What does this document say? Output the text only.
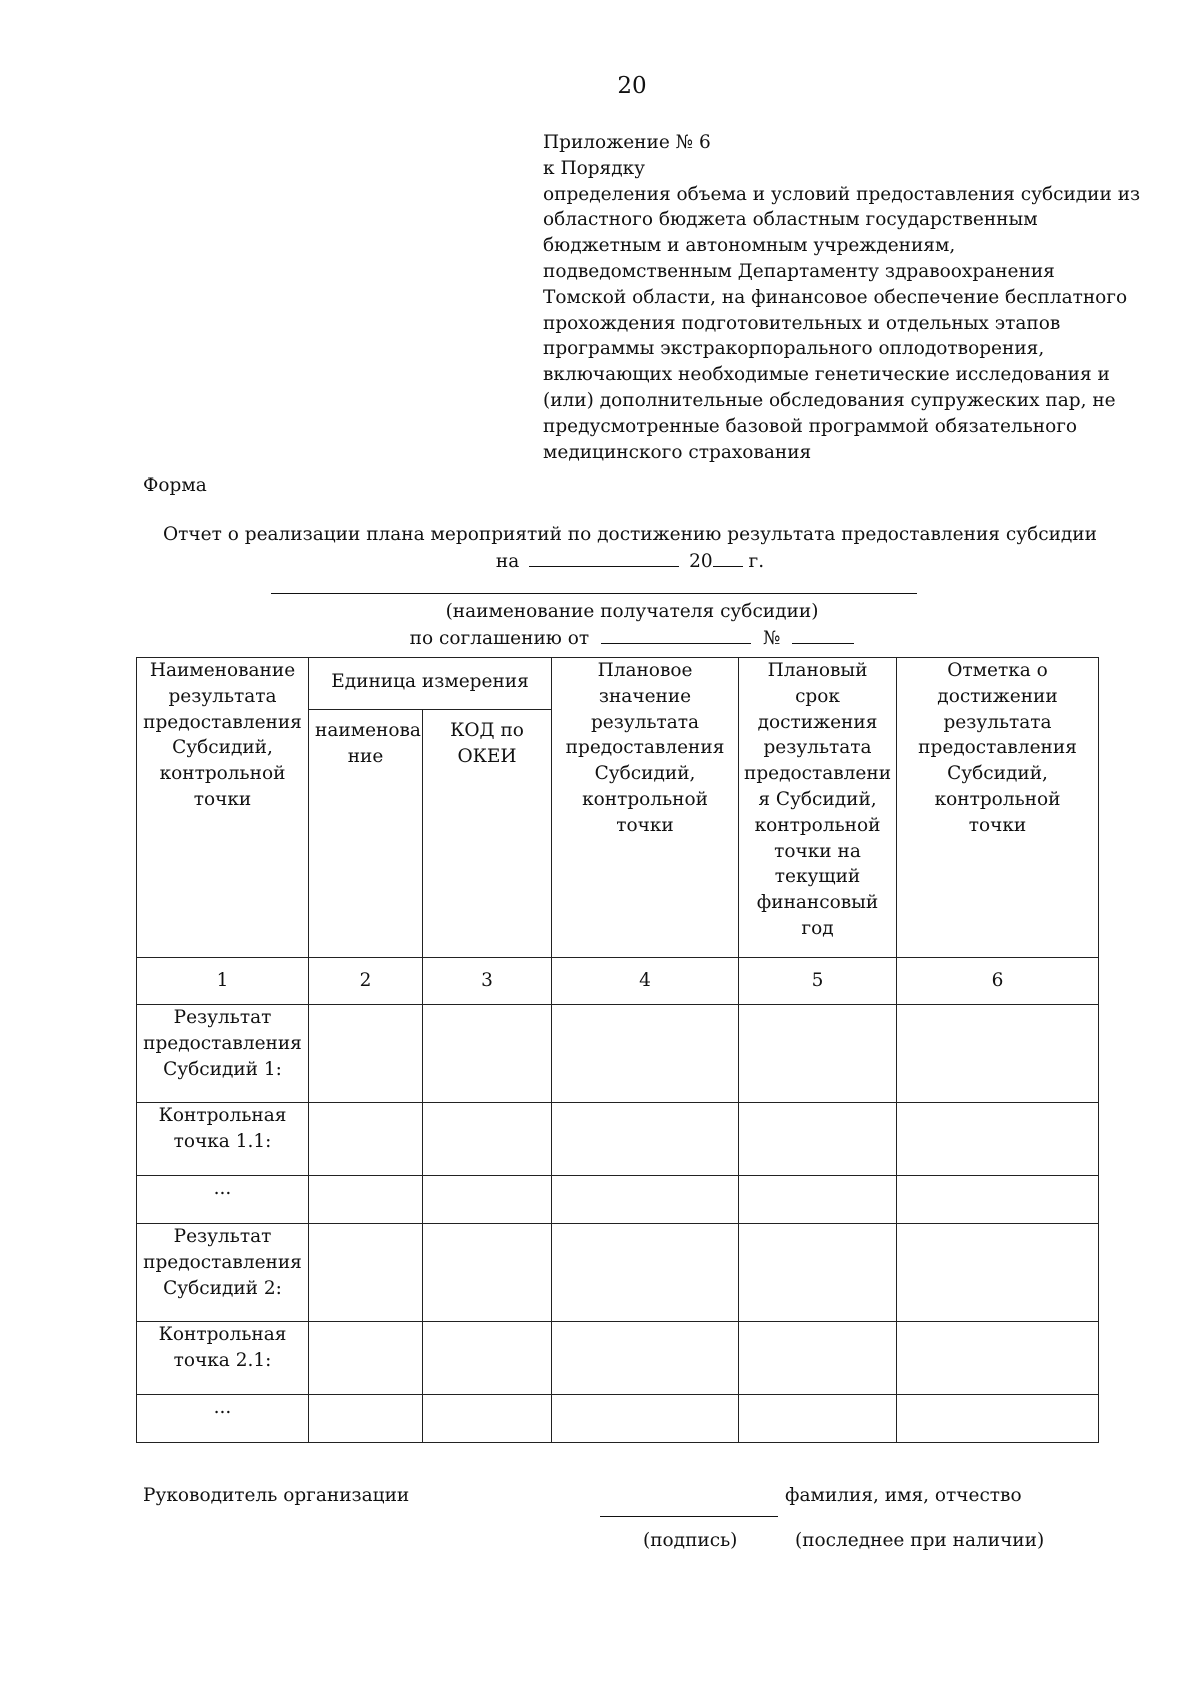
20
Приложение № 6
к Порядку
определения объема и условий предоставления субсидии из
областного бюджета областным государственным
бюджетным и автономным учреждениям,
подведомственным Департаменту здравоохранения
Томской области, на финансовое обеспечение бесплатного
прохождения подготовительных и отдельных этапов
программы экстракорпорального оплодотворения,
включающих необходимые генетические исследования и
(или) дополнительные обследования супружеских пар, не
предусмотренные базовой программой обязательного
медицинского страхования
Форма
Отчет о реализации плана мероприятий по достижению результата предоставления субсидии
на	20 г.
(наименование получателя субсидии)
по соглашению от	№
Наименование результата предоставления Субсидий, контрольной точки	Единица измерения		Плановое значение результата предоставления Субсидий, контрольной точки	Плановый срок достижения результата предоставлени я Субсидий, контрольной точки на текущий финансовый год	Отметка о достижении результата предоставления Субсидий, контрольной точки
	наименова ние	КОД по ОКЕИ			
1	2	3	4	5	6
Результат предоставления Субсидий 1:					
Контрольная точка 1.1:					
...					
Результат предоставления Субсидий 2:					
Контрольная точка 2.1:					
...					
Руководитель организации	фамилия, имя, отчество
(подпись)	(последнее при наличии)
